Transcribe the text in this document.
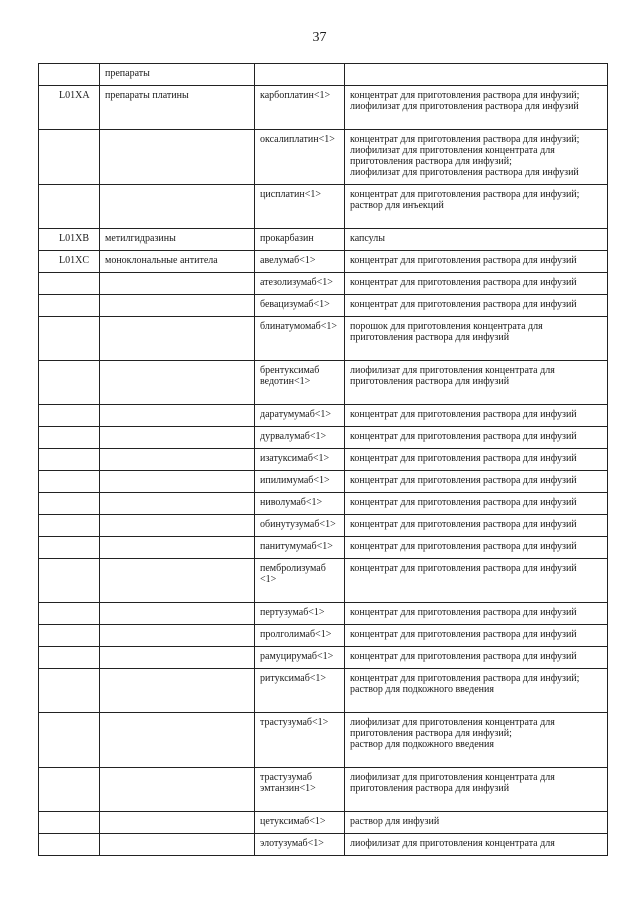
37
	препараты		
L01XA	препараты платины	карбоплатин<1>	концентрат для приготовления раствора для инфузий;
лиофилизат для приготовления раствора для инфузий
		оксалиплатин<1>	концентрат для приготовления раствора для инфузий;
лиофилизат для приготовления концентрата для приготовления раствора для инфузий;
лиофилизат для приготовления раствора для инфузий
		цисплатин<1>	концентрат для приготовления раствора для инфузий;
раствор для инъекций
L01XB	метилгидразины	прокарбазин	капсулы
L01XC	моноклональные антитела	авелумаб<1>	концентрат для приготовления раствора для инфузий
		атезолизумаб<1>	концентрат для приготовления раствора для инфузий
		бевацизумаб<1>	концентрат для приготовления раствора для инфузий
		блинатумомаб<1>	порошок для приготовления концентрата для приготовления раствора для инфузий
		брентуксимаб ведотин<1>	лиофилизат для приготовления концентрата для приготовления раствора для инфузий
		даратумумаб<1>	концентрат для приготовления раствора для инфузий
		дурвалумаб<1>	концентрат для приготовления раствора для инфузий
		изатуксимаб<1>	концентрат для приготовления раствора для инфузий
		ипилимумаб<1>	концентрат для приготовления раствора для инфузий
		ниволумаб<1>	концентрат для приготовления раствора для инфузий
		обинутузумаб<1>	концентрат для приготовления раствора для инфузий
		панитумумаб<1>	концентрат для приготовления раствора для инфузий
		пембролизумаб <1>	концентрат для приготовления раствора для инфузий
		пертузумаб<1>	концентрат для приготовления раствора для инфузий
		пролголимаб<1>	концентрат для приготовления раствора для инфузий
		рамуцирумаб<1>	концентрат для приготовления раствора для инфузий
		ритуксимаб<1>	концентрат для приготовления раствора для инфузий;
раствор для подкожного введения
		трастузумаб<1>	лиофилизат для приготовления концентрата для приготовления раствора для инфузий;
раствор для подкожного введения
		трастузумаб эмтанзин<1>	лиофилизат для приготовления концентрата для приготовления раствора для инфузий
		цетуксимаб<1>	раствор для инфузий
		элотузумаб<1>	лиофилизат для приготовления концентрата для
